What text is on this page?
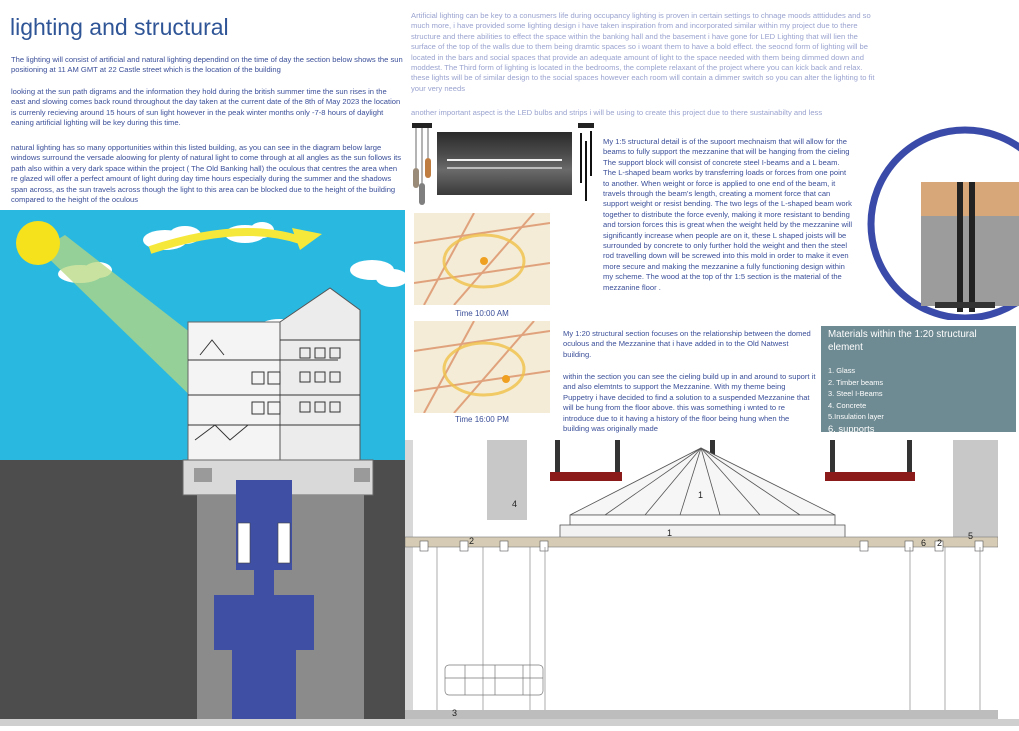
lighting and structural
The lighting will consist of artificial and natural lighting dependind on the time of day the section below shows the sun positioning at 11 AM GMT at 22 Castle street which is the location of the building
looking at the sun path digrams and the information they hold during the british summer time the sun rises in the east and slowing comes back round throughout the day taken at the current date of the 8th of May 2023 the location is currenly recieving around 15 hours of sun light however in the peak winter months only -7-8 hours of daylight eaning artificial lighting will be key during this time.
natural lighting has so many opportunities within this listed building, as you can see in the diagram below large windows surround the versade aloowing for plenty of natural light to come through at all angles as the sun follows its path also within a very dark space within the project ( The Old Banking hall) the oculous that centres the area when re glazed will offer a perfect amount of light during day time hours especially during the summer and the shadows span across, as the sun travels across though the light to this area can be blocked due to the height of the building compared to the height of the oculous
Artificial lighting can be key to a conusmers life during occupancy lighting is proven in certain settings to chnage moods atttidudes and so much more, i have provided some lighting design i have taken inspiration from and incorporated similar within my project due to there structure and there abilities to effect the space within the banking hall and the basement i have gone for LED Lighting that will lien the surface of the top of the walls due to them being dramtic spaces so i woant them to have a bold effect. the seocnd form of lighting will be located in the bars and social spaces that provide an adequate amount of light to the space needed with them being dimmed down and moddest. The Third form of lighting is located in the bedrooms, the complete relaxant of the project where you can kick back and relax. these lights will be of similar design to the social spaces however each room will contain a dimmer switch so you can alter the lighting to fit your very needs
another important aspect is the LED bulbs and strips i will be using to create this project due to there sustainabilty and less
My 1:5 structural detail is of the supoort mechnaism that will allow for the beams to fully support the mezzanine that will be hanging from the cieling The support block will consist of concrete steel I-beams and a L beam. The L-shaped beam works by transferring loads or forces from one point to another. When weight or force is applied to one end of the beam, it travels through the beam's length, creating a moment force that can support weight or resist bending. The two legs of the L-shaped beam work together to distribute the force evenly, making it more resistant to bending and torsion forces this is great when the weight held by the mezzanine will significantly increase when people are on it, these L shaped joists will be surrounded by concrete to only further hold the weight and then the steel rod travelling down will be screwed into this mold in order to make it even more secure and making the mezzanine a fully functioning design within my scheme. The wood at the top of thr 1:5 section is the material of the mezzanine floor .
Time 10:00 AM
Time 16:00 PM
My 1:20 structural section focuses on the relationship between the domed oculous and the Mezzanine that i have added in to the Old Natwest building.
within the section you can see the cieling build up in and around to suport it and also elemtnts to support the Mezzanine. With my theme being Puppetry i have decided to find a solution to a suspended Mezzanine that will be hung from the floor above. this was something i wnted to re introduce due to it having a history of the floor being hung when the building was originally made
Materials within the 1:20 structural element
1. Glass
2. Timber beams
3. Steel I-Beams
4. Concrete
5.Insulation layer
6. supports
1
1
2	2
4
5
6
3
